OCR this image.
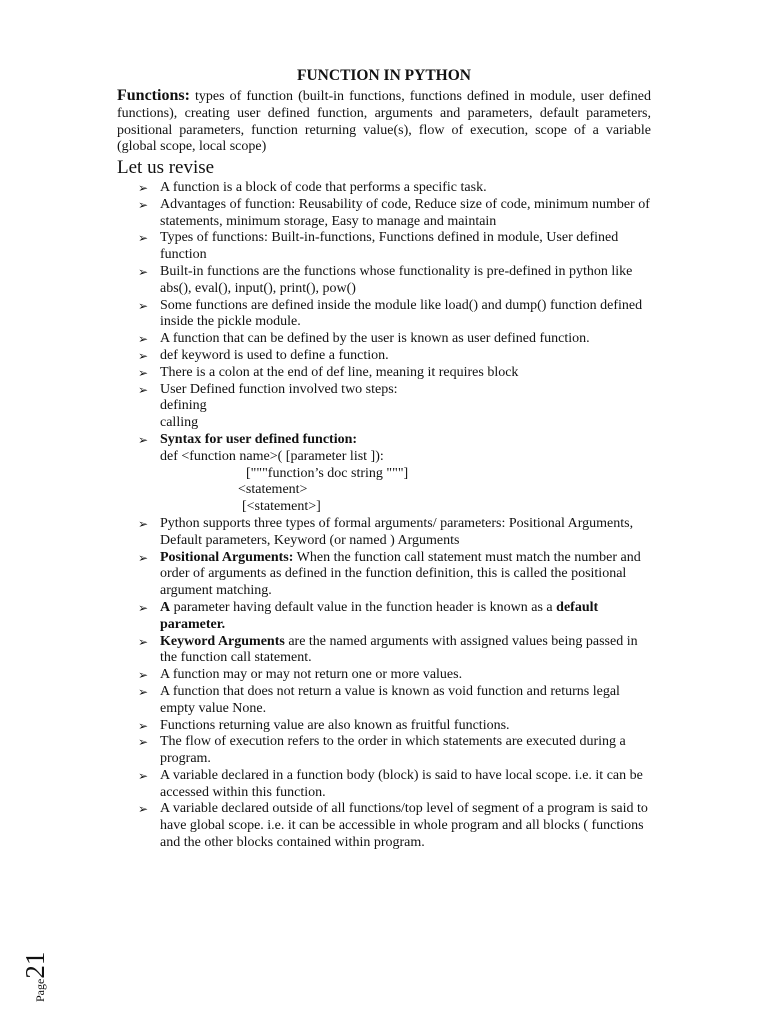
FUNCTION IN PYTHON
Functions: types of function (built-in functions, functions defined in module, user defined functions), creating user defined function, arguments and parameters, default parameters, positional parameters, function returning value(s), flow of execution, scope of a variable (global scope, local scope)
Let us revise
➢ A function is a block of code that performs a specific task.
➢ Advantages of function: Reusability of code, Reduce size of code, minimum number of statements, minimum storage, Easy to manage and maintain
➢ Types of functions: Built-in-functions, Functions defined in module, User defined function
➢ Built-in functions are the functions whose functionality is pre-defined in python like abs(), eval(), input(), print(), pow()
➢ Some functions are defined inside the module like load() and dump() function defined inside the pickle module.
➢ A function that can be defined by the user is known as user defined function.
➢ def keyword is used to define a function.
➢ There is a colon at the end of def line, meaning it requires block
➢ User Defined function involved two steps:
defining
calling
➢ Syntax for user defined function:
def <function name>( [parameter list ]):
["""function’s doc string """]
<statement>
[<statement>]
➢ Python supports three types of formal arguments/ parameters: Positional Arguments, Default parameters, Keyword (or named ) Arguments
➢ Positional Arguments: When the function call statement must match the number and order of arguments as defined in the function definition, this is called the positional argument matching.
➢ A parameter having default value in the function header is known as a default parameter.
➢ Keyword Arguments are the named arguments with assigned values being passed in the function call statement.
➢ A function may or may not return one or more values.
➢ A function that does not return a value is known as void function and returns legal empty value None.
➢ Functions returning value are also known as fruitful functions.
➢ The flow of execution refers to the order in which statements are executed during a program.
➢ A variable declared in a function body (block) is said to have local scope. i.e. it can be accessed within this function.
➢ A variable declared outside of all functions/top level of segment of a program is said to have global scope. i.e. it can be accessible in whole program and all blocks ( functions and the other blocks contained within program.
Page21
